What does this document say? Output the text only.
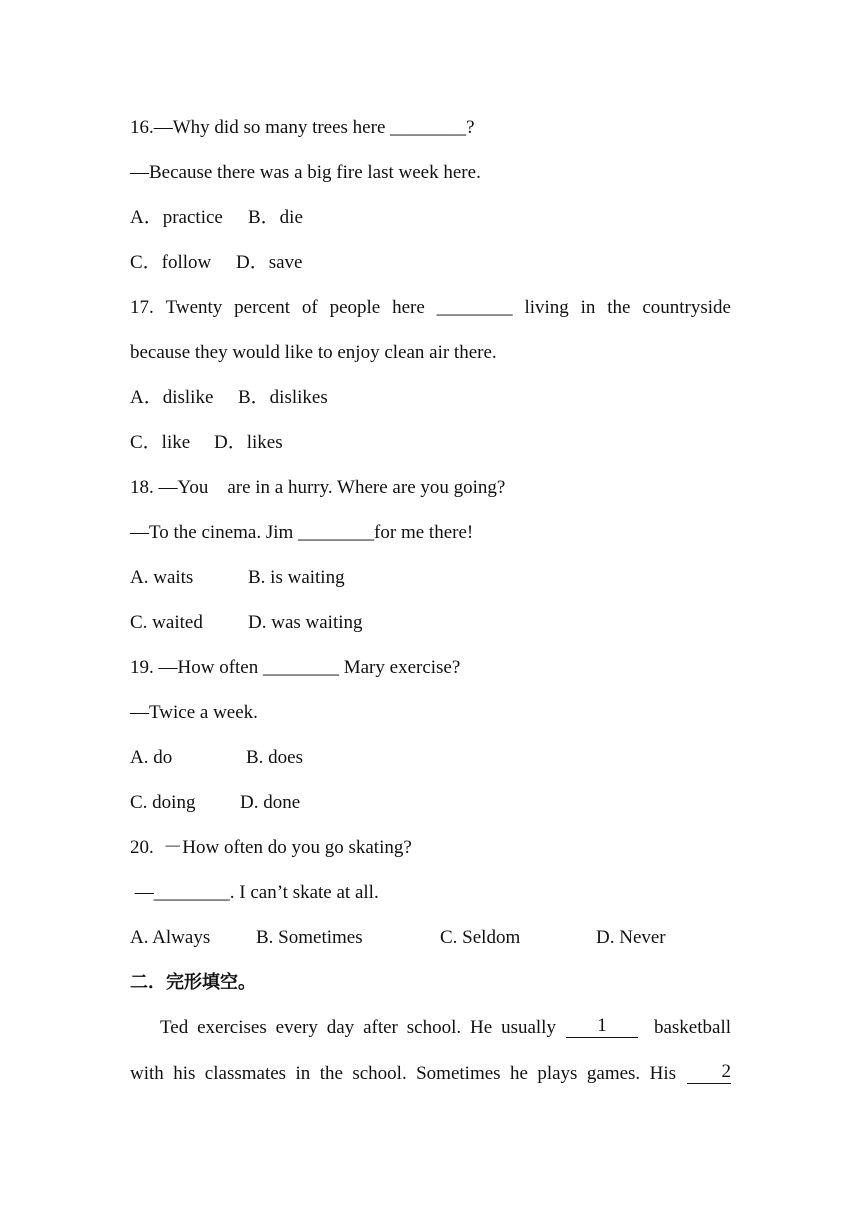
16.—Why did so many trees here ________?
—Because there was a big fire last week here.
A．practice B．die
C．follow D．save
17. Twenty percent of people here ________ living in the countryside
because they would like to enjoy clean air there.
A．dislike B．dislikes
C．like D．likes
18. —You    are in a hurry. Where are you going?
—To the cinema. Jim ________for me there!
A. waits	B. is waiting
C. waited D. was waiting
19. —How often ________ Mary exercise?
—Twice a week.
A. do	B. does
C. doing D. done
20.  －How often do you go skating?
—________. I can’t skate at all.
A. Always B. Sometimes	C. Seldom	D. Never
二．完形填空。
Ted exercises every day after school. He usually	1	basketball
with his classmates in the school. Sometimes he plays games. His	2
